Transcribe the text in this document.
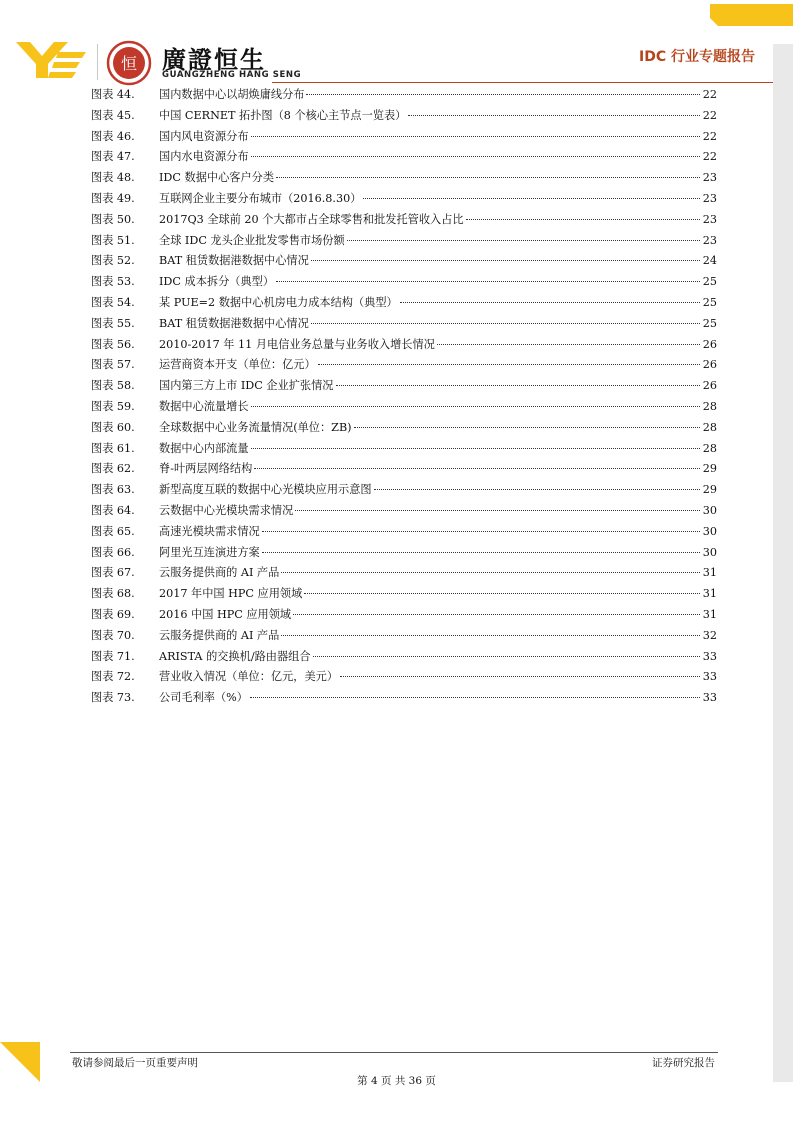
恒 廣證恒生
GUANGZHENG HANG SENG
IDC 行业专题报告
图表 44.	国内数据中心以胡焕庸线分布	22
图表 45.	中国 CERNET 拓扑图（8 个核心主节点一览表）	22
图表 46.	国内风电资源分布	22
图表 47.	国内水电资源分布	22
图表 48.	IDC 数据中心客户分类	23
图表 49.	互联网企业主要分布城市（2016.8.30）	23
图表 50.	2017Q3 全球前 20 个大都市占全球零售和批发托管收入占比	23
图表 51.	全球 IDC 龙头企业批发零售市场份额	23
图表 52.	BAT 租赁数据港数据中心情况	24
图表 53.	IDC 成本拆分（典型）	25
图表 54.	某 PUE=2 数据中心机房电力成本结构（典型）	25
图表 55.	BAT 租赁数据港数据中心情况	25
图表 56.	2010-2017 年 11 月电信业务总量与业务收入增长情况	26
图表 57.	运营商资本开支（单位：亿元）	26
图表 58.	国内第三方上市 IDC 企业扩张情况	26
图表 59.	数据中心流量增长	28
图表 60.	全球数据中心业务流量情况(单位：ZB)	28
图表 61.	数据中心内部流量	28
图表 62.	脊-叶两层网络结构	29
图表 63.	新型高度互联的数据中心光模块应用示意图	29
图表 64.	云数据中心光模块需求情况	30
图表 65.	高速光模块需求情况	30
图表 66.	阿里光互连演进方案	30
图表 67.	云服务提供商的 AI 产品	31
图表 68.	2017 年中国 HPC 应用领域	31
图表 69.	2016 中国 HPC 应用领域	31
图表 70.	云服务提供商的 AI 产品	32
图表 71.	ARISTA 的交换机/路由器组合	33
图表 72.	营业收入情况（单位：亿元，美元）	33
图表 73.	公司毛利率（%）	33
敬请参阅最后一页重要声明	证券研究报告
第 4 页 共 36 页
